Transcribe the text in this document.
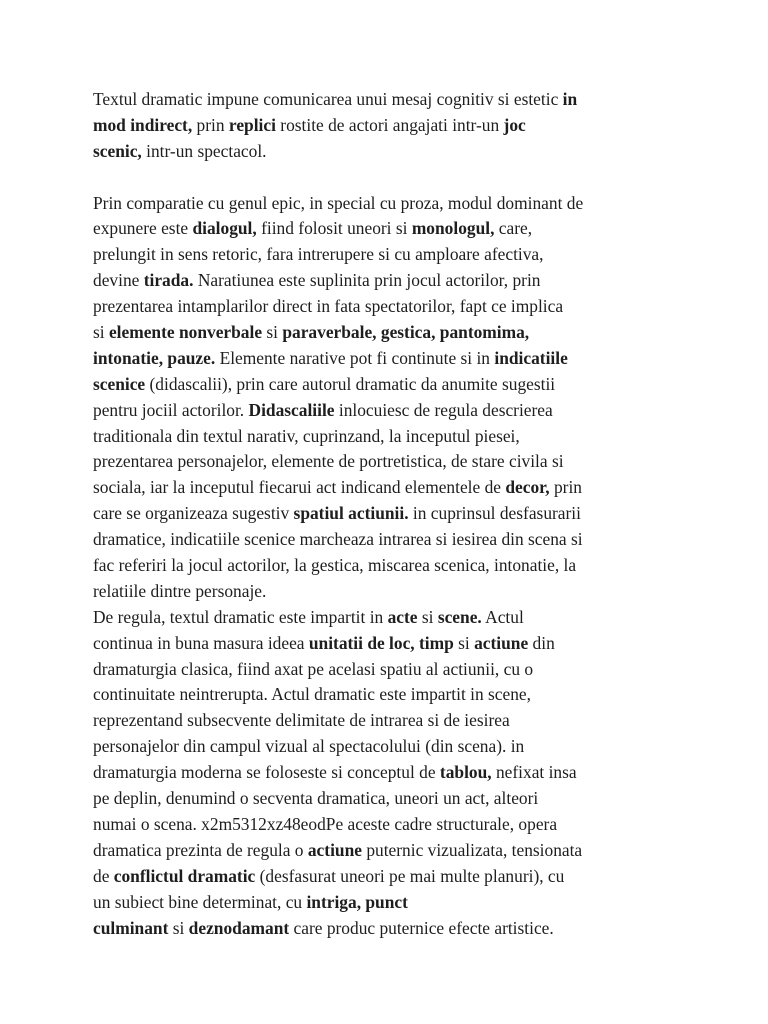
Textul dramatic impune comunicarea unui mesaj cognitiv si estetic in
mod indirect, prin replici rostite de actori angajati intr-un joc
scenic, intr-un spectacol.
Prin comparatie cu genul epic, in special cu proza, modul dominant de
expunere este dialogul, fiind folosit uneori si monologul, care,
prelungit in sens retoric, fara intrerupere si cu amploare afectiva,
devine tirada. Naratiunea este suplinita prin jocul actorilor, prin
prezentarea intamplarilor direct in fata spectatorilor, fapt ce implica
si elemente nonverbale si paraverbale, gestica, pantomima,
intonatie, pauze. Elemente narative pot fi continute si in indicatiile
scenice (didascalii), prin care autorul dramatic da anumite sugestii
pentru jociil actorilor. Didascaliile inlocuiesc de regula descrierea
traditionala din textul narativ, cuprinzand, la inceputul piesei,
prezentarea personajelor, elemente de portretistica, de stare civila si
sociala, iar la inceputul fiecarui act indicand elementele de decor, prin
care se organizeaza sugestiv spatiul actiunii. in cuprinsul desfasurarii
dramatice, indicatiile scenice marcheaza intrarea si iesirea din scena si
fac referiri la jocul actorilor, la gestica, miscarea scenica, intonatie, la
relatiile dintre personaje.
De regula, textul dramatic este impartit in acte si scene. Actul
continua in buna masura ideea unitatii de loc, timp si actiune din
dramaturgia clasica, fiind axat pe acelasi spatiu al actiunii, cu o
continuitate neintrerupta. Actul dramatic este impartit in scene,
reprezentand subsecvente delimitate de intrarea si de iesirea
personajelor din campul vizual al spectacolului (din scena). in
dramaturgia moderna se foloseste si conceptul de tablou, nefixat insa
pe deplin, denumind o secventa dramatica, uneori un act, alteori
numai o scena. x2m5312xz48eodPe aceste cadre structurale, opera
dramatica prezinta de regula o actiune puternic vizualizata, tensionata
de conflictul dramatic (desfasurat uneori pe mai multe planuri), cu
un subiect bine determinat, cu intriga, punct
culminant si deznodamant care produc puternice efecte artistice.
